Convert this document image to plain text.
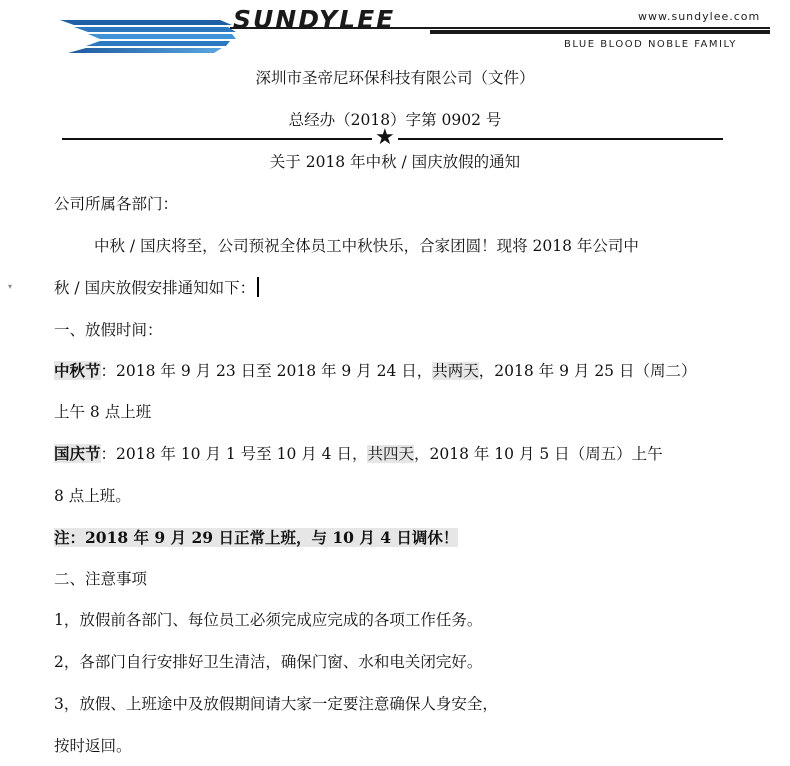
SUNDYLEE	www.sundylee.com
BLUE BLOOD NOBLE FAMILY
深圳市圣帝尼环保科技有限公司（文件）
总经办（2018）字第 0902 号
★
关于 2018 年中秋 / 国庆放假的通知
公司所属各部门：
中秋 / 国庆将至，公司预祝全体员工中秋快乐，合家团圆！现将 2018 年公司中
▾	秋 / 国庆放假安排通知如下：
一、放假时间：
中秋节：2018 年 9 月 23 日至 2018 年 9 月 24 日，共两天，2018 年 9 月 25 日（周二）
上午 8 点上班
国庆节：2018 年 10 月 1 号至 10 月 4 日，共四天，2018 年 10 月 5 日（周五）上午
8 点上班。
注：2018 年 9 月 29 日正常上班，与 10 月 4 日调休！
二、注意事项
1，放假前各部门、每位员工必须完成应完成的各项工作任务。
2，各部门自行安排好卫生清洁，确保门窗、水和电关闭完好。
3，放假、上班途中及放假期间请大家一定要注意确保人身安全，
按时返回。
